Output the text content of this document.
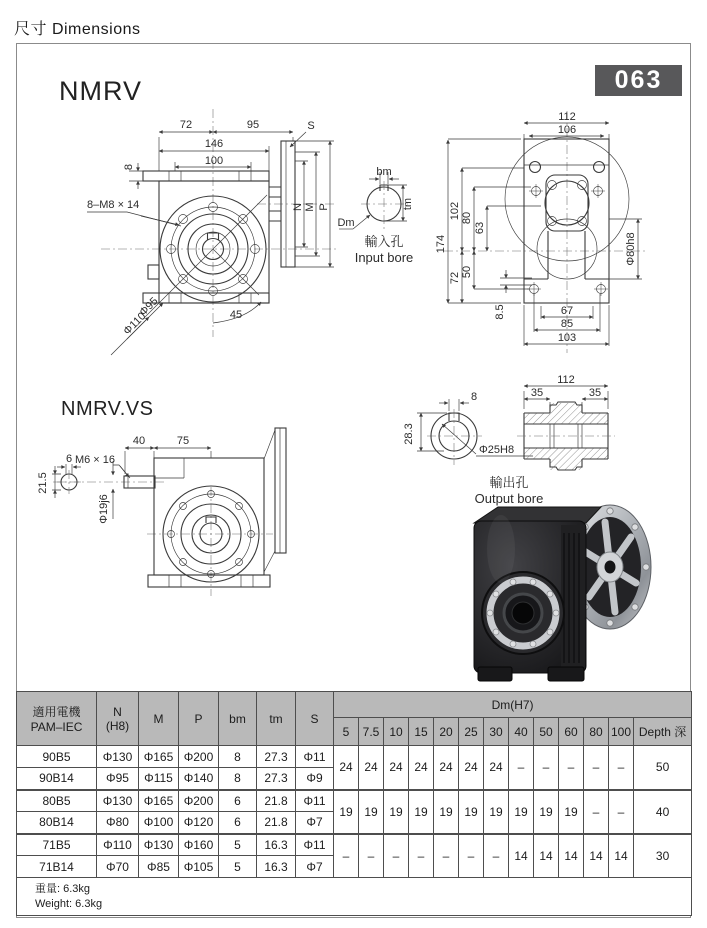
尺寸 Dimensions
NMRV
NMRV.VS
063
72	95
146
100
8
8–M8 × 14
Φ95
Φ110	45
S
N M P
bm
tm
Dm
輸入孔
Input bore
112
106
174
102 80
63
50
72
8.5
Φ80h8
67
85
103
40	75
6 M6 × 16
21.5
Φ19j6
8
28.3
Φ25H8
輸出孔
Output bore
112
35	35
適用電機
PAM–IEC

N
(H8)	M	P	bm	tm	S	Dm(H7)
							5	7.5	10	15	20	25	30	40	50	60	80	100	Depth 深
90B5	Φ130	Φ165	Φ200	8	27.3	Φ11	24	24	24	24	24	24	24	–	–	–	–	–	50
90B14	Φ95	Φ115	Φ140	8	27.3	Φ9													
80B5	Φ130	Φ165	Φ200	6	21.8	Φ11	19	19	19	19	19	19	19	19	19	19	–	–	40
80B14	Φ80	Φ100	Φ120	6	21.8	Φ7													
71B5	Φ110	Φ130	Φ160	5	16.3	Φ11	–	–	–	–	–	–	–	14	14	14	14	14	30
71B14	Φ70	Φ85	Φ105	5	16.3	Φ7													

重量: 6.3kg
Weight: 6.3kg																			
